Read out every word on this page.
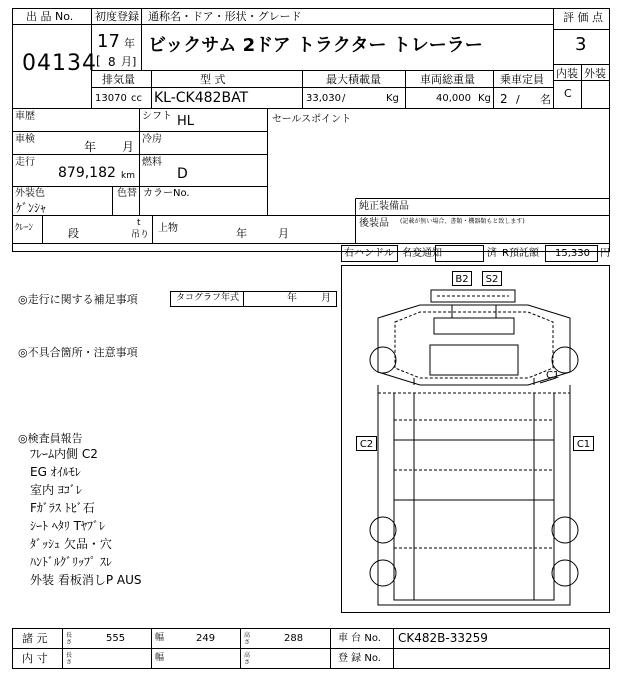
出 品 No.
04134
初度登録
17 年
[ 8 月]
通称名・ドア・形状・グレード
ビックサム 2ドア トラクター トレーラー
評 価 点
3
内装 外装
C
排気量
13070 cc
型 式
KL-CK482BAT
最大積載量
33,030 /	Kg
車両総重量
40,000 Kg
乗車定員
2 / 名
車歴	シフト HL
車検
年 月
冷房
走行
879,182 km
燃料
D
外装色
ｹﾞﾝｼｬ
色替 カラーNo.
ｸﾚｰﾝ	段
t
吊り
上物	年	月
セールスポイント
純正装備品
後装品 (記載が無い場合、書類・機器類もと致します)
右ハンドル 名変通知	済 R預託額 15,330 円
◎走行に関する補足事項	タコグラフ年式	年 月
◎不具合箇所・注意事項
◎検査員報告
ﾌﾚｰﾑ内側 C2
EG ｵｲﾙﾓﾚ
室内 ﾖｺﾞﾚ
Fｶﾞﾗｽ ﾄﾋﾞ石
ｼｰﾄ ﾍﾀﾘ Tﾔﾌﾞﾚ
ﾀﾞｯｼｭ 欠品・穴
ﾊﾝﾄﾞﾙｸﾞﾘｯﾌﾟ ｽﾚ
外装 看板消しP AUS
B2	S2
C1
C2	C1
諸 元	長さ	555	幅	249	高さ	288	車 台 No. CK482B-33259
内 寸	長さ	幅	高さ	登 録 No.
